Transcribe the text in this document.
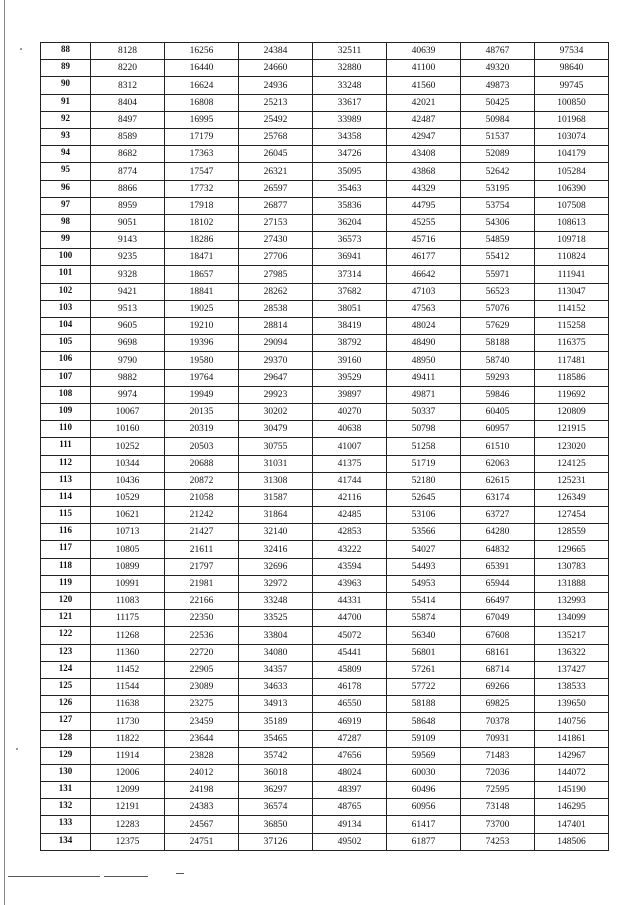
88	8128	16256	24384	32511	40639	48767	97534
89	8220	16440	24660	32880	41100	49320	98640
90	8312	16624	24936	33248	41560	49873	99745
91	8404	16808	25213	33617	42021	50425	100850
92	8497	16995	25492	33989	42487	50984	101968
93	8589	17179	25768	34358	42947	51537	103074
94	8682	17363	26045	34726	43408	52089	104179
95	8774	17547	26321	35095	43868	52642	105284
96	8866	17732	26597	35463	44329	53195	106390
97	8959	17918	26877	35836	44795	53754	107508
98	9051	18102	27153	36204	45255	54306	108613
99	9143	18286	27430	36573	45716	54859	109718
100	9235	18471	27706	36941	46177	55412	110824
101	9328	18657	27985	37314	46642	55971	111941
102	9421	18841	28262	37682	47103	56523	113047
103	9513	19025	28538	38051	47563	57076	114152
104	9605	19210	28814	38419	48024	57629	115258
105	9698	19396	29094	38792	48490	58188	116375
106	9790	19580	29370	39160	48950	58740	117481
107	9882	19764	29647	39529	49411	59293	118586
108	9974	19949	29923	39897	49871	59846	119692
109	10067	20135	30202	40270	50337	60405	120809
110	10160	20319	30479	40638	50798	60957	121915
111	10252	20503	30755	41007	51258	61510	123020
112	10344	20688	31031	41375	51719	62063	124125
113	10436	20872	31308	41744	52180	62615	125231
114	10529	21058	31587	42116	52645	63174	126349
115	10621	21242	31864	42485	53106	63727	127454
116	10713	21427	32140	42853	53566	64280	128559
117	10805	21611	32416	43222	54027	64832	129665
118	10899	21797	32696	43594	54493	65391	130783
119	10991	21981	32972	43963	54953	65944	131888
120	11083	22166	33248	44331	55414	66497	132993
121	11175	22350	33525	44700	55874	67049	134099
122	11268	22536	33804	45072	56340	67608	135217
123	11360	22720	34080	45441	56801	68161	136322
124	11452	22905	34357	45809	57261	68714	137427
125	11544	23089	34633	46178	57722	69266	138533
126	11638	23275	34913	46550	58188	69825	139650
127	11730	23459	35189	46919	58648	70378	140756
128	11822	23644	35465	47287	59109	70931	141861
129	11914	23828	35742	47656	59569	71483	142967
130	12006	24012	36018	48024	60030	72036	144072
131	12099	24198	36297	48397	60496	72595	145190
132	12191	24383	36574	48765	60956	73148	146295
133	12283	24567	36850	49134	61417	73700	147401
134	12375	24751	37126	49502	61877	74253	148506
